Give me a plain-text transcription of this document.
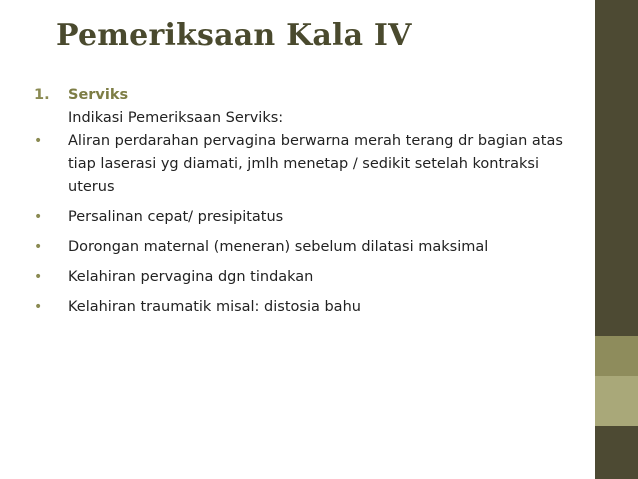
Pemeriksaan Kala IV
1. Serviks
Indikasi Pemeriksaan Serviks:
• Aliran perdarahan pervagina berwarna merah terang dr bagian atas tiap laserasi yg diamati, jmlh menetap / sedikit setelah kontraksi uterus
• Persalinan cepat/ presipitatus
• Dorongan maternal (meneran) sebelum dilatasi maksimal
• Kelahiran pervagina dgn tindakan
• Kelahiran traumatik misal: distosia bahu
